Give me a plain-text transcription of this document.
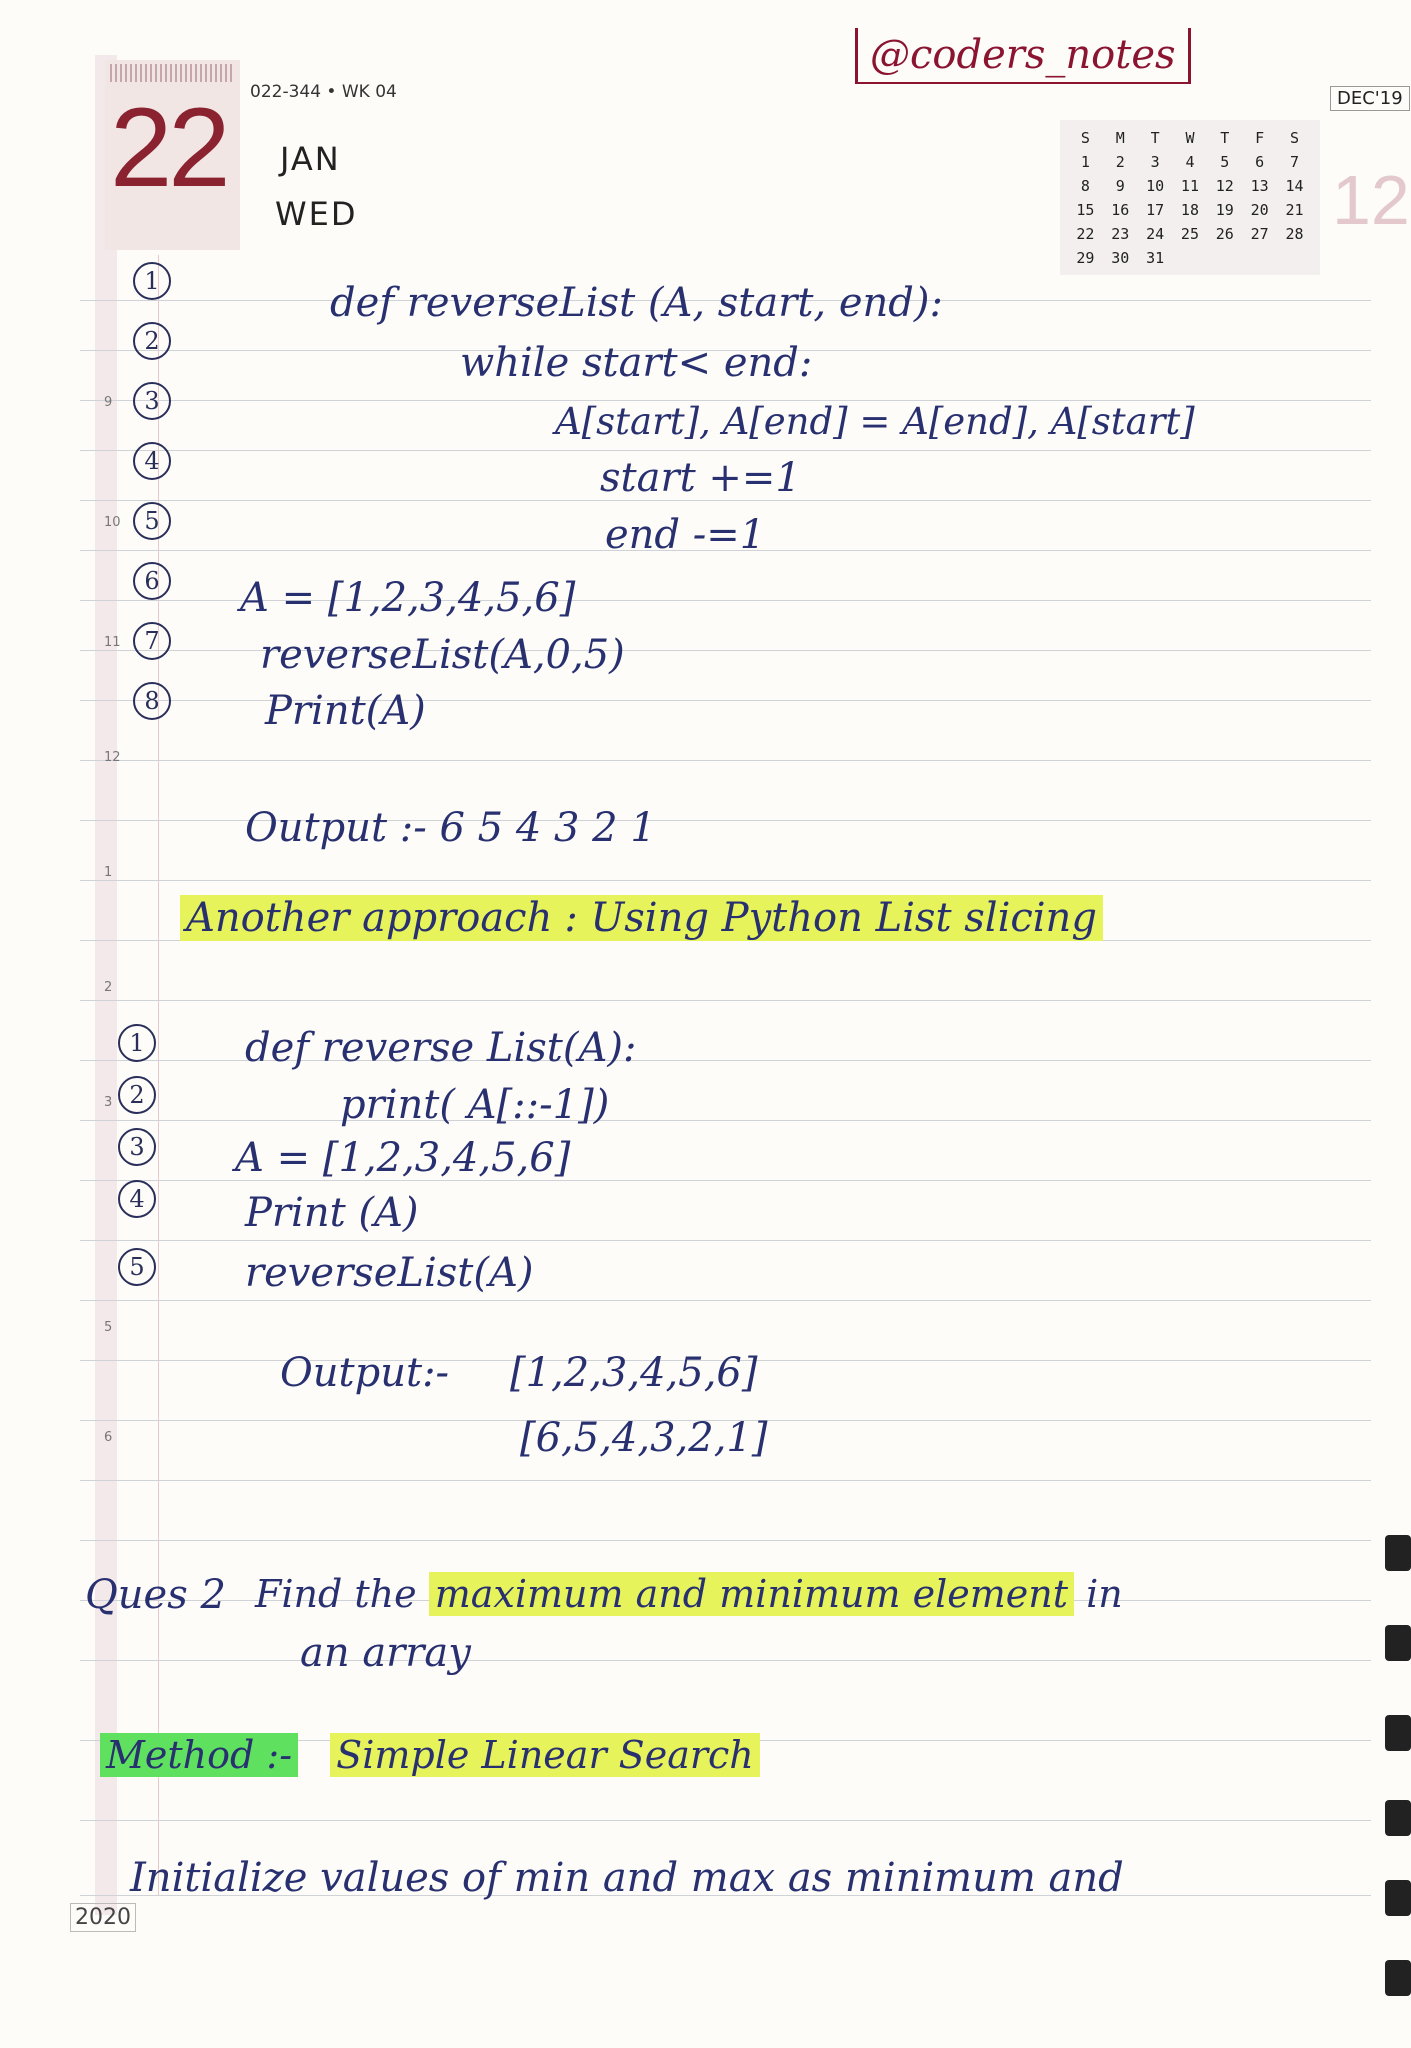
9
10
11
12
1
2
3
5
6
22 022-344 • WK 04
JAN
WED
@coders_notes
DEC'19
12
S	M	T	W	T	F	S
1	2	3	4	5	6	7
8	9	10	11	12	13	14
15	16	17	18	19	20	21
22	23	24	25	26	27	28
29	30	31				
1
2
3
4
5
6
7
8
def reverseList (A, start, end):
while start< end:
A[start], A[end] = A[end], A[start]
start +=1
end -=1
A = [1,2,3,4,5,6]
reverseList(A,0,5)
Print(A)
Output :- 6 5 4 3 2 1
Another approach : Using Python List slicing
1
2
3
4
5
def reverse List(A):
print( A[::-1])
A = [1,2,3,4,5,6]
Print (A)
reverseList(A)
Output:- [1,2,3,4,5,6]
[6,5,4,3,2,1]
Ques 2 Find the maximum and minimum element in
an array
Method :- Simple Linear Search
Initialize values of min and max as minimum and
2020
